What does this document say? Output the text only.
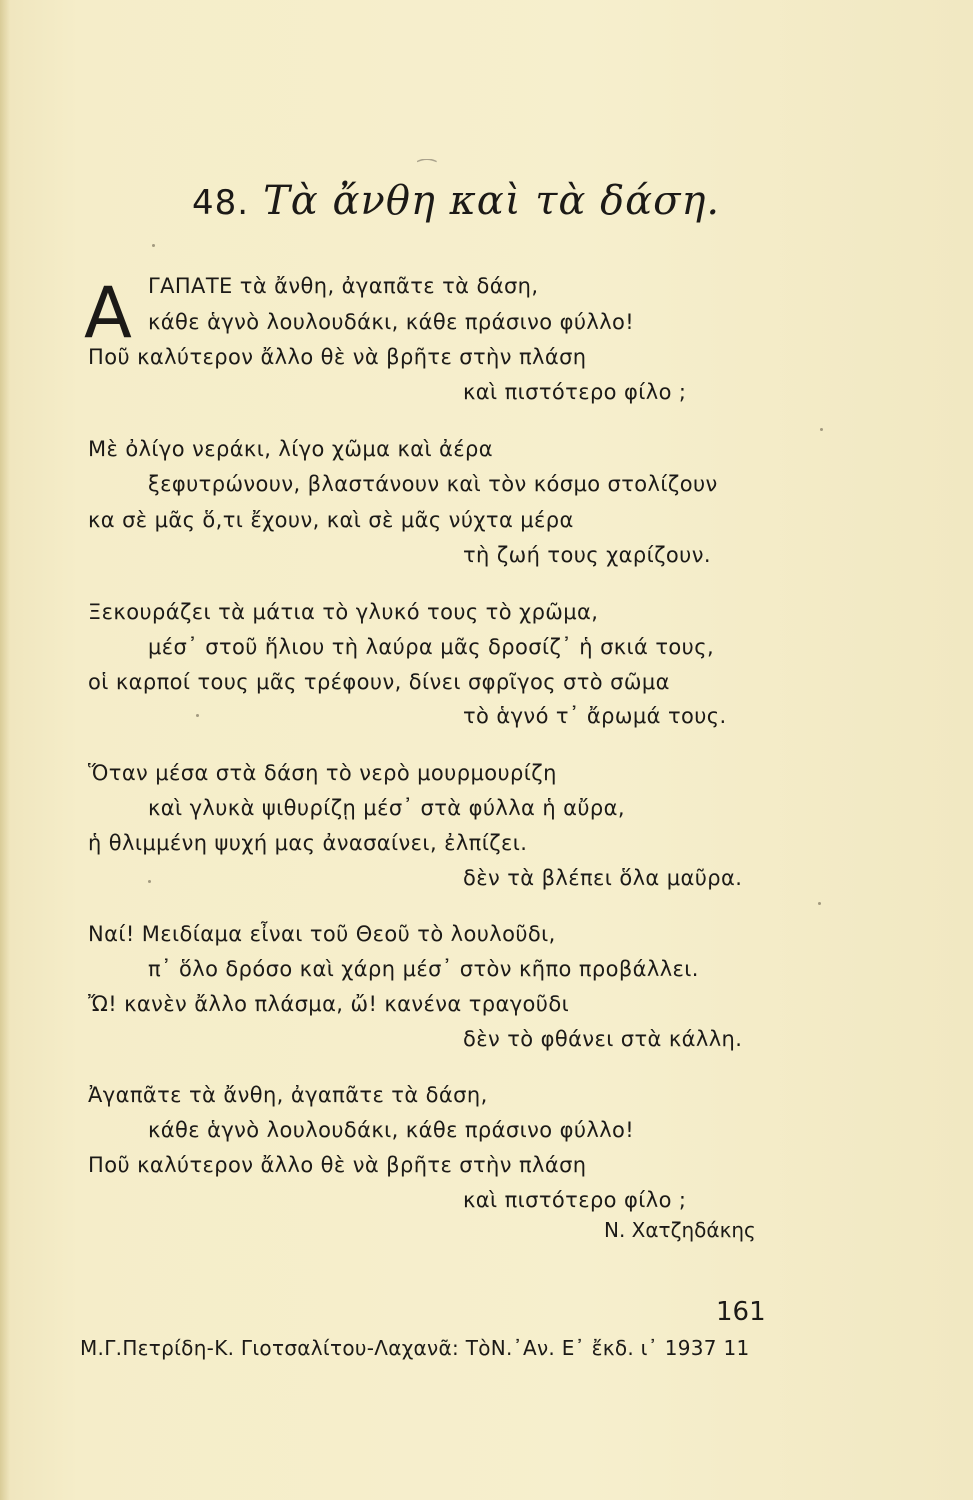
⁀
48. Τὰ ἄνθη καὶ τὰ δάση.
Α ΓΑΠΑΤΕ τὰ ἄνθη, ἀγαπᾶτε τὰ δάση,
κάθε ἁγνὸ λουλουδάκι, κάθε πράσινο φύλλο!
Ποῦ καλύτερον ἄλλο θὲ νὰ βρῆτε στὴν πλάση
καὶ πιστότερο φίλο ;
Μὲ ὀλίγο νεράκι, λίγο χῶμα καὶ ἀέρα
ξεφυτρώνουν, βλαστάνουν καὶ τὸν κόσμο στολίζουν
κα σὲ μᾶς ὅ,τι ἔχουν, καὶ σὲ μᾶς νύχτα μέρα
τὴ ζωή τους χαρίζουν.
Ξεκουράζει τὰ μάτια τὸ γλυκό τους τὸ χρῶμα,
μέσ᾽ στοῦ ἥλιου τὴ λαύρα μᾶς δροσίζ᾽ ἡ σκιά τους,
οἱ καρποί τους μᾶς τρέφουν, δίνει σφρῖγος στὸ σῶμα
τὸ ἁγνό τ᾽ ἄρωμά τους.
Ὅταν μέσα στὰ δάση τὸ νερὸ μουρμουρίζη
καὶ γλυκὰ ψιθυρίζῃ μέσ᾽ στὰ φύλλα ἡ αὔρα,
ἡ θλιμμένη ψυχή μας ἀνασαίνει, ἐλπίζει.
δὲν τὰ βλέπει ὅλα μαῦρα.
Ναί! Μειδίαμα εἶναι τοῦ Θεοῦ τὸ λουλοῦδι,
π᾽ ὅλο δρόσο καὶ χάρη μέσ᾽ στὸν κῆπο προβάλλει.
Ὤ! κανὲν ἄλλο πλάσμα, ὤ! κανένα τραγοῦδι
δὲν τὸ φθάνει στὰ κάλλη.
Ἀγαπᾶτε τὰ ἄνθη, ἀγαπᾶτε τὰ δάση,
κάθε ἁγνὸ λουλουδάκι, κάθε πράσινο φύλλο!
Ποῦ καλύτερον ἄλλο θὲ νὰ βρῆτε στὴν πλάση
καὶ πιστότερο φίλο ;
Ν. Χατζηδάκης
161
Μ.Γ.Πετρίδη-Κ. Γιοτσαλίτου-Λαχανᾶ: ΤὸΝ.᾽Αν. Ε᾽ ἔκδ. ι᾽ 1937 11
